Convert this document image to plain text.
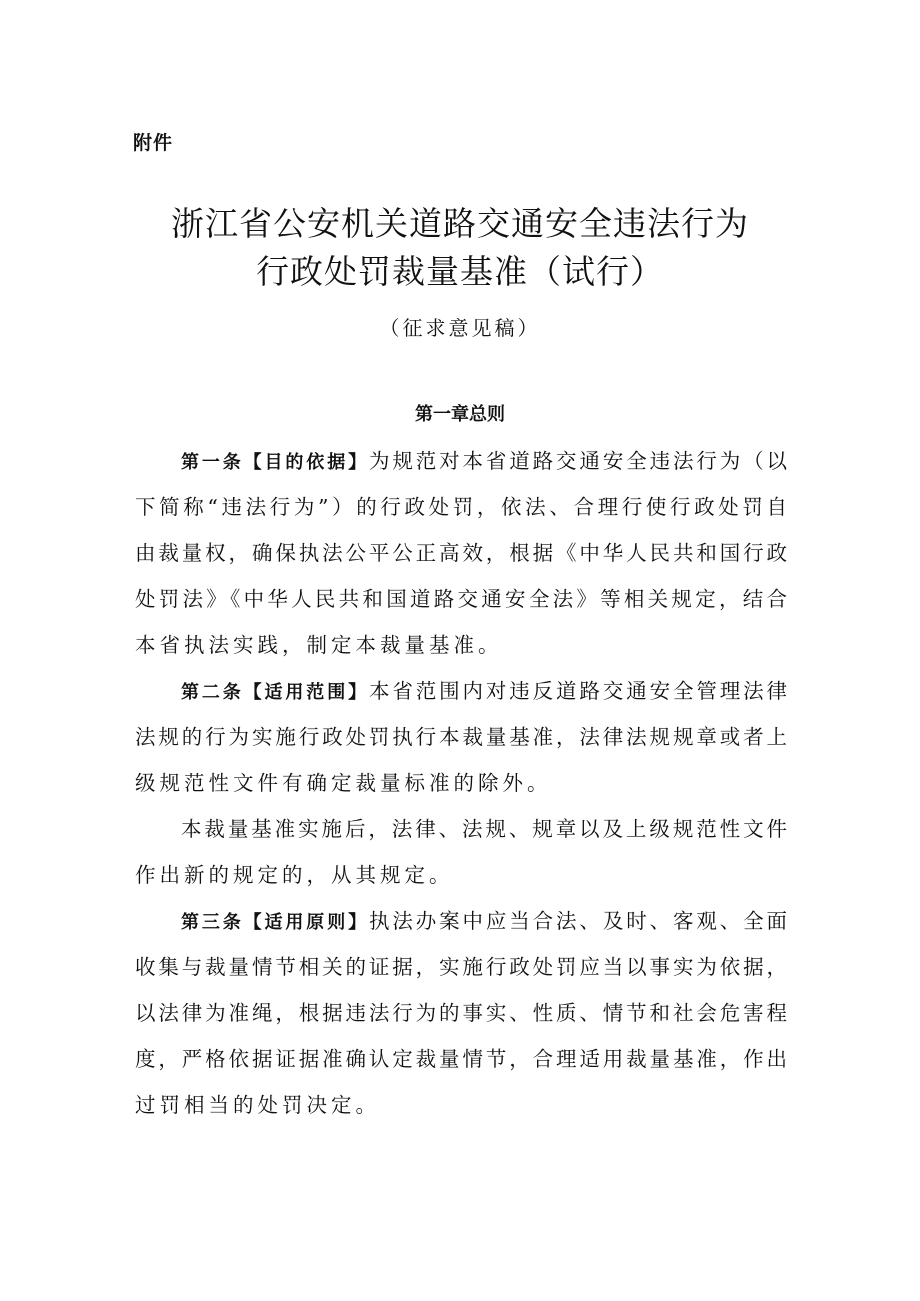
附件
浙江省公安机关道路交通安全违法行为
行政处罚裁量基准（试行）
（征求意见稿）
第一章总则
第一条【目的依据】为规范对本省道路交通安全违法行为（以
下简称“违法行为”）的行政处罚，依法、合理行使行政处罚自
由裁量权，确保执法公平公正高效，根据《中华人民共和国行政
处罚法》《中华人民共和国道路交通安全法》等相关规定，结合
本省执法实践，制定本裁量基准。
第二条【适用范围】本省范围内对违反道路交通安全管理法律
法规的行为实施行政处罚执行本裁量基准，法律法规规章或者上
级规范性文件有确定裁量标准的除外。
本裁量基准实施后，法律、法规、规章以及上级规范性文件
作出新的规定的，从其规定。
第三条【适用原则】执法办案中应当合法、及时、客观、全面
收集与裁量情节相关的证据，实施行政处罚应当以事实为依据，
以法律为准绳，根据违法行为的事实、性质、情节和社会危害程
度，严格依据证据准确认定裁量情节，合理适用裁量基准，作出
过罚相当的处罚决定。
